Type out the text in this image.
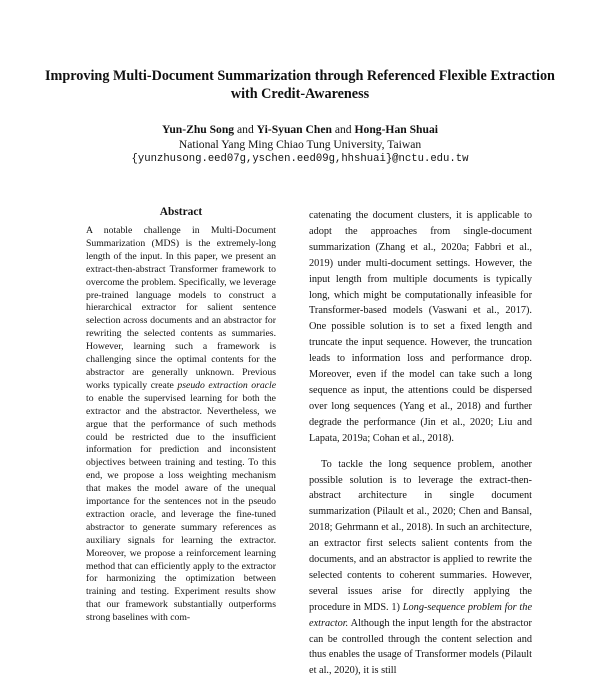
Improving Multi-Document Summarization through Referenced Flexible Extraction with Credit-Awareness
Yun-Zhu Song and Yi-Syuan Chen and Hong-Han Shuai
National Yang Ming Chiao Tung University, Taiwan
{yunzhusong.eed07g,yschen.eed09g,hhshuai}@nctu.edu.tw
Abstract

A notable challenge in Multi-Document Summarization (MDS) is the extremely-long length of the input. In this paper, we present an extract-then-abstract Transformer framework to overcome the problem. Specifically, we leverage pre-trained language models to construct a hierarchical extractor for salient sentence selection across documents and an abstractor for rewriting the selected contents as summaries. However, learning such a framework is challenging since the optimal contents for the abstractor are generally unknown. Previous works typically create pseudo extraction oracle to enable the supervised learning for both the extractor and the abstractor. Nevertheless, we argue that the performance of such methods could be restricted due to the insufficient information for prediction and inconsistent objectives between training and testing. To this end, we propose a loss weighting mechanism that makes the model aware of the unequal importance for the sentences not in the pseudo extraction oracle, and leverage the fine-tuned abstractor to generate summary references as auxiliary signals for learning the extractor. Moreover, we propose a reinforcement learning method that can efficiently apply to the extractor for harmonizing the optimization between training and testing. Experiment results show that our framework substantially outperforms strong baselines with com-

catenating the document clusters, it is applicable to adopt the approaches from single-document summarization (Zhang et al., 2020a; Fabbri et al., 2019) under multi-document settings. However, the input length from multiple documents is typically long, which might be computationally infeasible for Transformer-based models (Vaswani et al., 2017). One possible solution is to set a fixed length and truncate the input sequence. However, the truncation leads to information loss and performance drop. Moreover, even if the model can take such a long sequence as input, the attentions could be dispersed over long sequences (Yang et al., 2018) and further degrade the performance (Jin et al., 2020; Liu and Lapata, 2019a; Cohan et al., 2018).

To tackle the long sequence problem, another possible solution is to leverage the extract-then-abstract architecture in single document summarization (Pilault et al., 2020; Chen and Bansal, 2018; Gehrmann et al., 2018). In such an architecture, an extractor first selects salient contents from the documents, and an abstractor is applied to rewrite the selected contents to coherent summaries. However, several issues arise for directly applying the procedure in MDS. 1) Long-sequence problem for the extractor. Although the input length for the abstractor can be controlled through the content selection and thus enables the usage of Transformer models (Pilault et al., 2020), it is still
